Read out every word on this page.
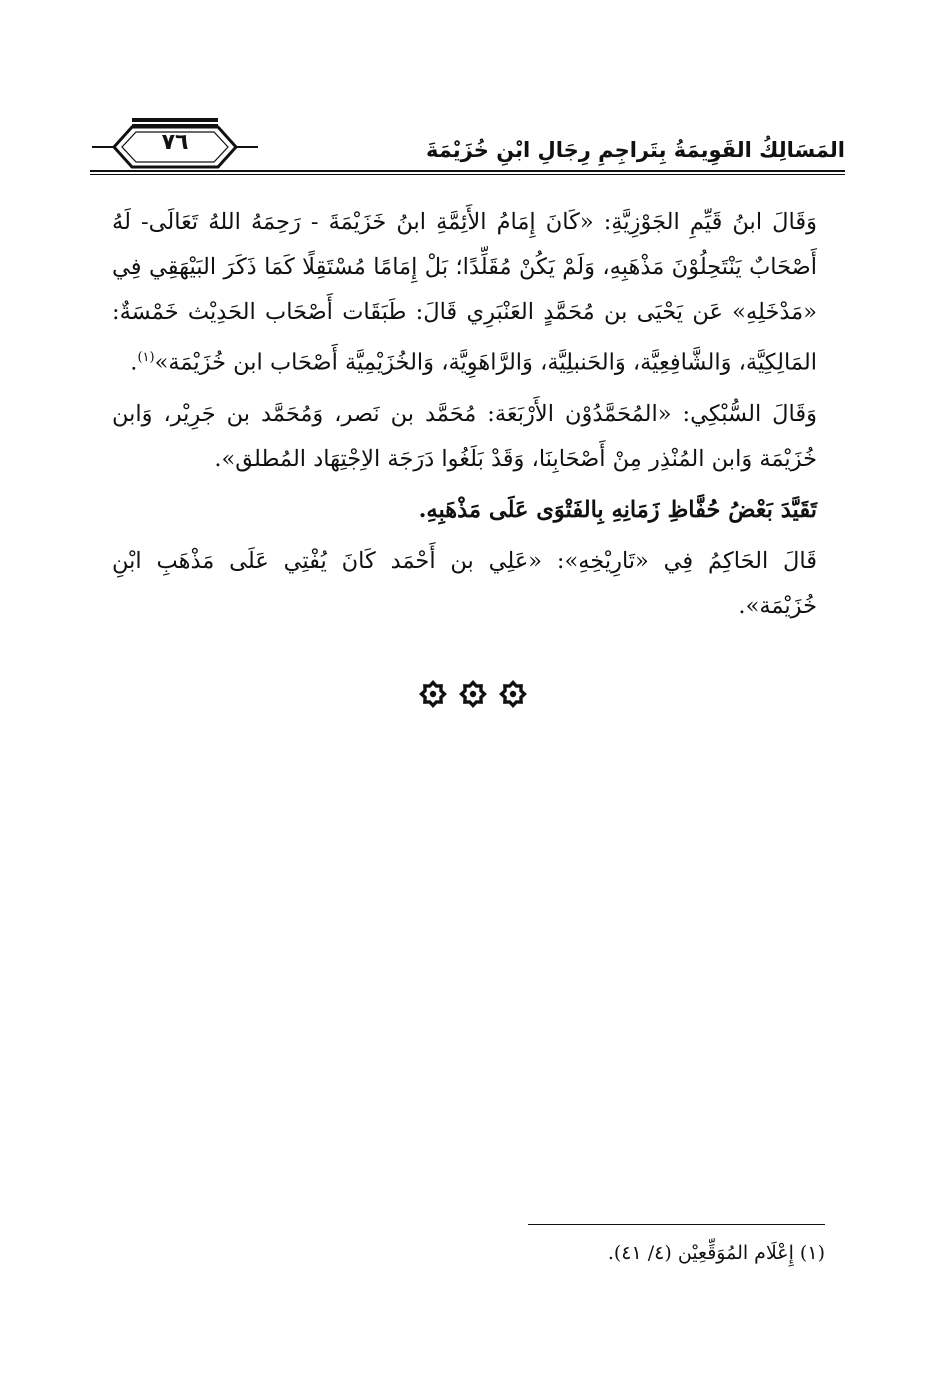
٧٦	المَسَالِكُ القَوِيمَةُ بِتَراجِمِ رِجَالِ ابْنِ خُزَيْمَةَ

وَقَالَ ابنُ قَيِّمِ الجَوْزِيَّةِ: «كَانَ إِمَامُ الأَئِمَّةِ ابنُ خَزَيْمَةَ - رَحِمَهُ اللهُ تَعَالَى- لَهُ أَصْحَابٌ يَنْتَحِلُوْنَ مَذْهَبِهِ، وَلَمْ يَكُنْ مُقَلِّدًا؛ بَلْ إِمَامًا مُسْتَقِلًا كَمَا ذَكَرَ البَيْهَقِي فِي «مَدْخَلِهِ» عَن يَحْيَى بن مُحَمَّدٍ العَنْبَرِي قَالَ: طَبَقَات أَصْحَاب الحَدِيْث خَمْسَةٌ: المَالِكِيَّة، وَالشَّافِعِيَّة، وَالحَنبلِيَّة، وَالرَّاهَوِيَّة، وَالخُزَيْمِيَّة أَصْحَاب ابن خُزَيْمَة»$^{(١)}$.

وَقَالَ السُّبْكِي: «المُحَمَّدُوْن الأَرْبَعَة: مُحَمَّد بن نَصر، وَمُحَمَّد بن جَرِيْر، وَابن خُزَيْمَة وَابن المُنْذِر مِنْ أَصْحَابِنَا، وَقَدْ بَلَغُوا دَرَجَة الاِجْتِهَاد المُطلق».

تَقَيَّدَ بَعْضُ حُفَّاظِ زَمَانِهِ بِالفَتْوَى عَلَى مَذْهَبِهِ.

قَالَ الحَاكِمُ فِي «تَارِيْخِهِ»: «عَلِي بن أَحْمَد كَانَ يُفْتِي عَلَى مَذْهَبِ ابْنِ خُزَيْمَة».

(١) إِعْلَام المُوَقِّعِيْن (٤/ ٤١).
